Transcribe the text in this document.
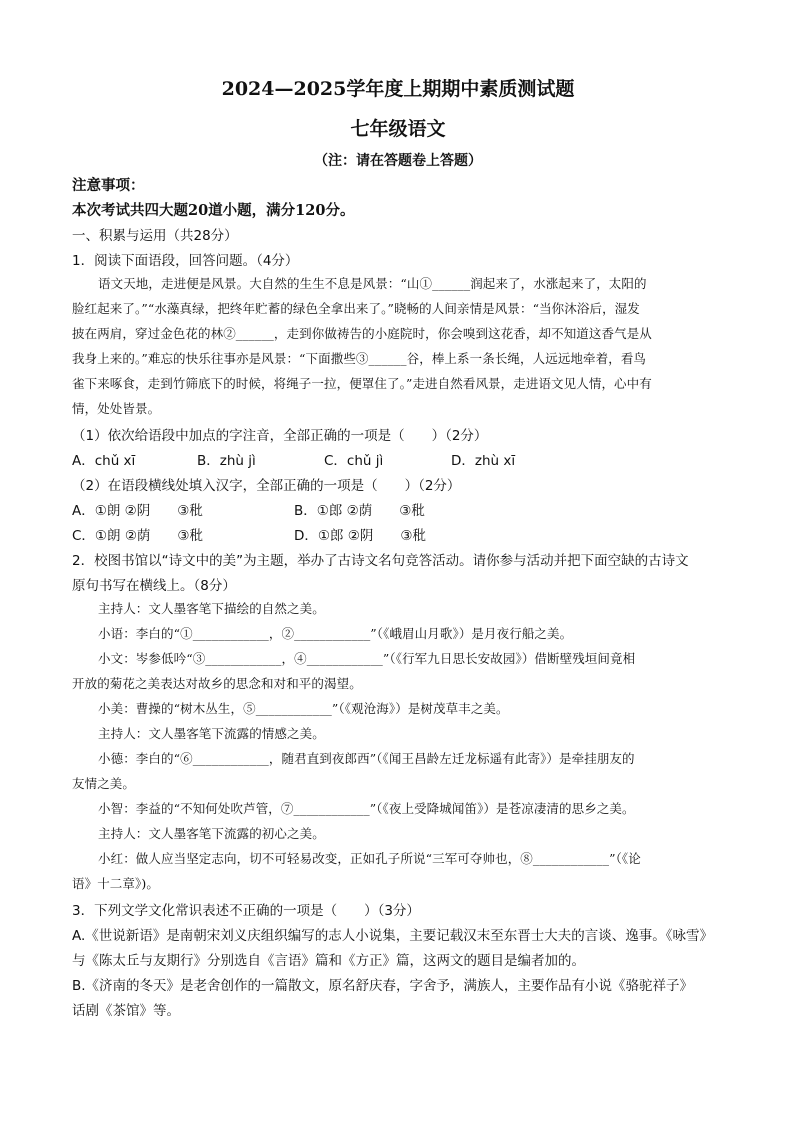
2024—2025学年度上期期中素质测试题
七年级语文
（注：请在答题卷上答题）
注意事项：
本次考试共四大题20道小题，满分120分。
一、积累与运用（共28分）
1．阅读下面语段，回答问题。（4分）
语文天地，走进便是风景。大自然的生生不息是风景：“山①______润起来了，水涨起来了，太阳的
脸红起来了。”“水藻真绿，把终年贮蓄的绿色全拿出来了。”晓畅的人间亲情是风景：“当你沐浴后，湿发
披在两肩，穿过金色花的林②______，走到你做祷告的小庭院时，你会嗅到这花香，却不知道这香气是从
我身上来的。”难忘的快乐往事亦是风景：“下面撒些③______谷，棒上系一条长绳，人远远地牵着，看鸟
雀下来啄食，走到竹筛底下的时候，将绳子一拉，便罩住了。”走进自然看风景，走进语文见人情，心中有
情，处处皆景。
（1）依次给语段中加点的字注音，全部正确的一项是（　　）（2分）
A．chǔ xī	B．zhù jì	C．chǔ jì	D．zhù xī
（2）在语段横线处填入汉字，全部正确的一项是（　　）（2分）
A．①朗 ②阴　　③秕	B．①郎 ②荫　　③秕
C．①朗 ②荫　　③秕	D．①郎 ②阴　　③秕
2．校图书馆以“诗文中的美”为主题，举办了古诗文名句竞答活动。请你参与活动并把下面空缺的古诗文
原句书写在横线上。（8分）
主持人：文人墨客笔下描绘的自然之美。
小语：李白的“①____________，②____________”（《峨眉山月歌》）是月夜行船之美。
小文：岑参低吟“③____________，④____________”（《行军九日思长安故园》）借断壁残垣间竟相
开放的菊花之美表达对故乡的思念和对和平的渴望。
小美：曹操的“树木丛生，⑤____________”（《观沧海》）是树茂草丰之美。
主持人：文人墨客笔下流露的情感之美。
小德：李白的“⑥____________，随君直到夜郎西”（《闻王昌龄左迁龙标遥有此寄》）是牵挂朋友的
友情之美。
小智：李益的“不知何处吹芦管，⑦____________”（《夜上受降城闻笛》）是苍凉凄清的思乡之美。
主持人：文人墨客笔下流露的初心之美。
小红：做人应当坚定志向，切不可轻易改变，正如孔子所说“三军可夺帅也，⑧____________”（《论
语》十二章》)。
3．下列文学文化常识表述不正确的一项是（　　）（3分）
A.《世说新语》是南朝宋刘义庆组织编写的志人小说集，主要记载汉末至东晋士大夫的言谈、逸事。《咏雪》
与《陈太丘与友期行》分别选自《言语》篇和《方正》篇，这两文的题目是编者加的。
B.《济南的冬天》是老舍创作的一篇散文，原名舒庆春，字舍予，满族人，主要作品有小说《骆驼祥子》
话剧《茶馆》等。
